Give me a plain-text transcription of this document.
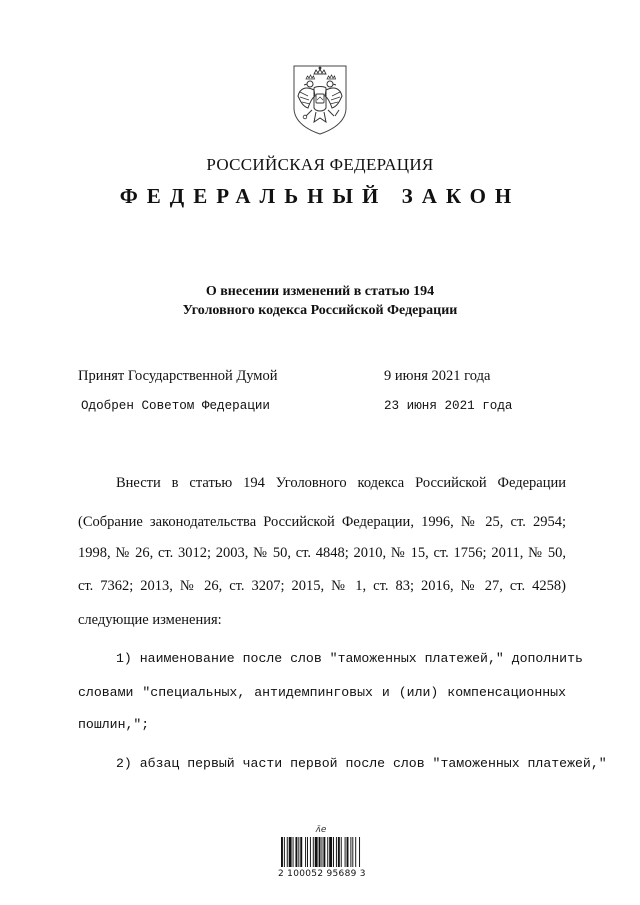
РОССИЙСКАЯ ФЕДЕРАЦИЯ
ФЕДЕРАЛЬНЫЙ ЗАКОН
О внесении изменений в статью 194
Уголовного кодекса Российской Федерации
Принят Государственной Думой	9 июня 2021 года
Одобрен Советом Федерации	23 июня 2021 года
Внести в статью 194 Уголовного кодекса Российской Федерации
(Собрание законодательства Российской Федерации, 1996, № 25, ст. 2954;
1998, № 26, ст. 3012; 2003, № 50, ст. 4848; 2010, № 15, ст. 1756; 2011, № 50,
ст. 7362; 2013, № 26, ст. 3207; 2015, № 1, ст. 83; 2016, № 27, ст. 4258)
следующие изменения:
1) наименование после слов "таможенных платежей," дополнить
словами "специальных, антидемпинговых и (или) компенсационных
пошлин,";
2) абзац первый части первой после слов "таможенных платежей,"
ʌ̄e
2 100052 95689 3
